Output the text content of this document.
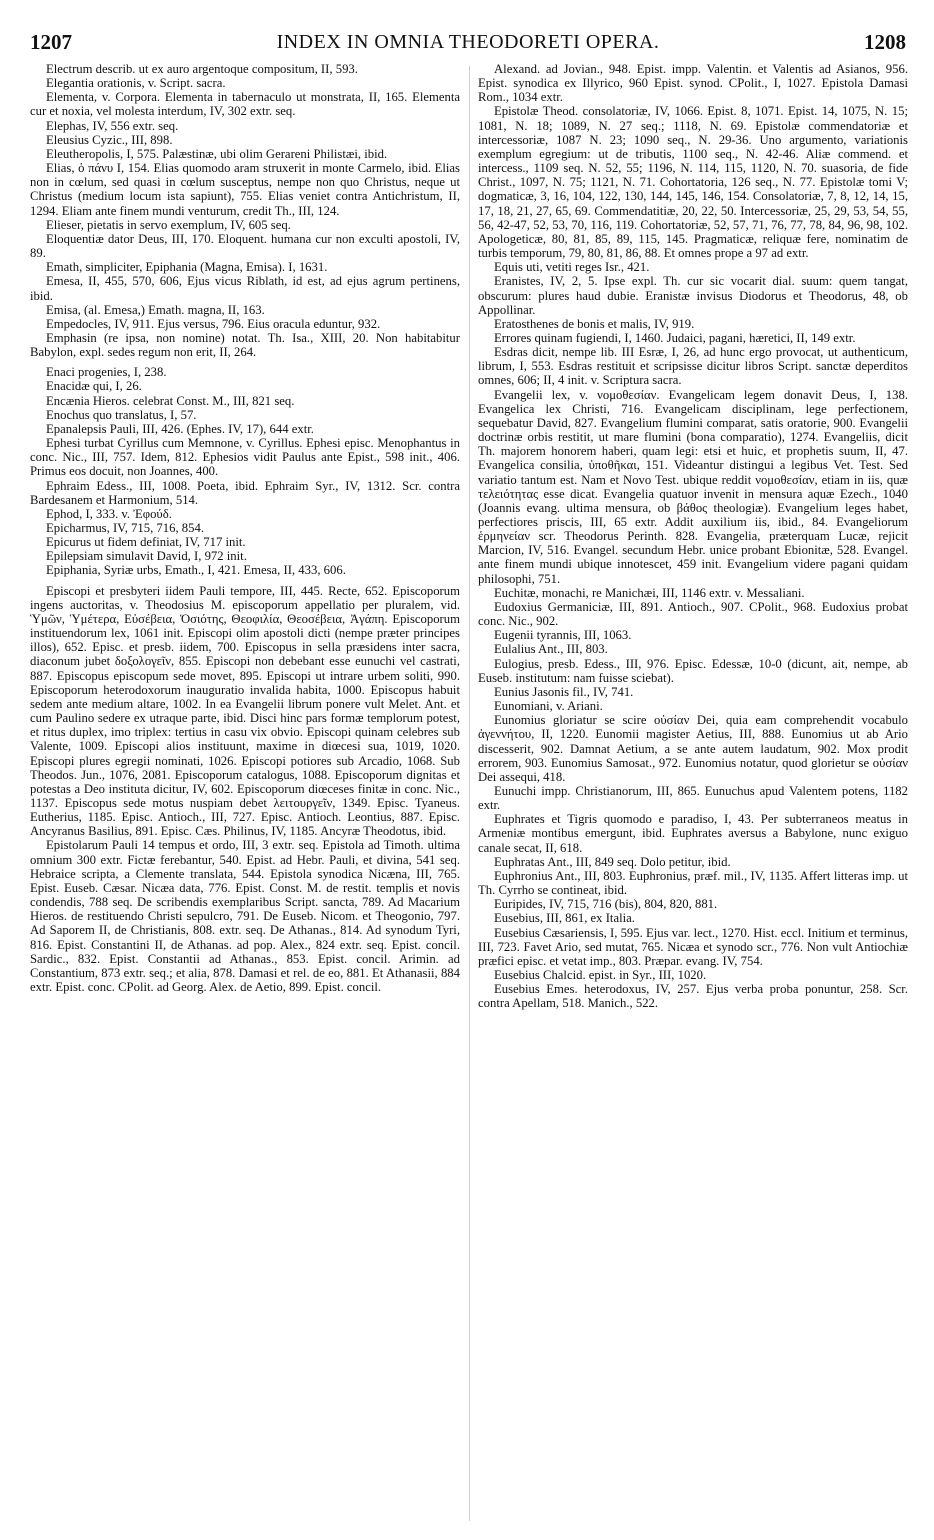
1207	INDEX IN OMNIA THEODORETI OPERA.	1208

Electrum describ. ut ex auro argentoque compositum, II, 593.

Elegantia orationis, v. Script. sacra.

Elementa, v. Corpora. Elementa in tabernaculo ut monstrata, II, 165. Elementa cur et noxia, vel molesta interdum, IV, 302 extr. seq.

Elephas, IV, 556 extr. seq.

Eleusius Cyzic., III, 898.

Eleutheropolis, I, 575. Palæstinæ, ubi olim Gerareni Philistæi, ibid.

Elias, ὁ πάνυ I, 154. Elias quomodo aram struxerit in monte Carmelo, ibid. Elias non in cœlum, sed quasi in cœlum susceptus, nempe non quo Christus, neque ut Christus (medium locum ista sapiunt), 755. Elias veniet contra Antichristum, II, 1294. Eliam ante finem mundi venturum, credit Th., III, 124.

Elieser, pietatis in servo exemplum, IV, 605 seq.

Eloquentiæ dator Deus, III, 170. Eloquent. humana cur non exculti apostoli, IV, 89.

Emath, simpliciter, Epiphania (Magna, Emisa). I, 1631.

Emesa, II, 455, 570, 606, Ejus vicus Riblath, id est, ad ejus agrum pertinens, ibid.

Emisa, (al. Emesa,) Emath. magna, II, 163.

Empedocles, IV, 911. Ejus versus, 796. Eius oracula eduntur, 932.

Emphasin (re ipsa, non nomine) notat. Th. Isa., XIII, 20. Non habitabitur Babylon, expl. sedes regum non erit, II, 264.

Enaci progenies, I, 238.

Enacidæ qui, I, 26.

Encænia Hieros. celebrat Const. M., III, 821 seq.

Enochus quo translatus, I, 57.

Epanalepsis Pauli, III, 426. (Ephes. IV, 17), 644 extr.

Ephesi turbat Cyrillus cum Memnone, v. Cyrillus. Ephesi episc. Menophantus in conc. Nic., III, 757. Idem, 812. Ephesios vidit Paulus ante Epist., 598 init., 406. Primus eos docuit, non Joannes, 400.

Ephraim Edess., III, 1008. Poeta, ibid. Ephraim Syr., IV, 1312. Scr. contra Bardesanem et Harmonium, 514.

Ephod, I, 333. v. Ἐφούδ.

Epicharmus, IV, 715, 716, 854.

Epicurus ut fidem definiat, IV, 717 init.

Epilepsiam simulavit David, I, 972 init.

Epiphania, Syriæ urbs, Emath., I, 421. Emesa, II, 433, 606.

Episcopi et presbyteri iidem Pauli tempore, III, 445. Recte, 652. Episcoporum ingens auctoritas, v. Theodosius M. episcoporum appellatio per pluralem, vid. Ὑμῶν, Ὑμέτερα, Εὐσέβεια, Ὁσιότης, Θεοφιλία, Θεοσέβεια, Ἀγάπη. Episcoporum instituendorum lex, 1061 init. Episcopi olim apostoli dicti (nempe præter principes illos), 652. Episc. et presb. iidem, 700. Episcopus in sella præsidens inter sacra, diaconum jubet δοξολογεῖν, 855. Episcopi non debebant esse eunuchi vel castrati, 887. Episcopus episcopum sede movet, 895. Episcopi ut intrare urbem soliti, 990. Episcoporum heterodoxorum inauguratio invalida habita, 1000. Episcopus habuit sedem ante medium altare, 1002. In ea Evangelii librum ponere vult Melet. Ant. et cum Paulino sedere ex utraque parte, ibid. Disci hinc pars formæ templorum potest, et ritus duplex, imo triplex: tertius in casu vix obvio. Episcopi quinam celebres sub Valente, 1009. Episcopi alios instituunt, maxime in diœcesi sua, 1019, 1020. Episcopi plures egregii nominati, 1026. Episcopi potiores sub Arcadio, 1068. Sub Theodos. Jun., 1076, 2081. Episcoporum catalogus, 1088. Episcoporum dignitas et potestas a Deo instituta dicitur, IV, 602. Episcoporum diœceses finitæ in conc. Nic., 1137. Episcopus sede motus nuspiam debet λειτουργεῖν, 1349. Episc. Tyaneus. Eutherius, 1185. Episc. Antioch., III, 727. Episc. Antioch. Leontius, 887. Episc. Ancyranus Basilius, 891. Episc. Cæs. Philinus, IV, 1185. Ancyræ Theodotus, ibid.

Epistolarum Pauli 14 tempus et ordo, III, 3 extr. seq. Epistola ad Timoth. ultima omnium 300 extr. Fictæ ferebantur, 540. Epist. ad Hebr. Pauli, et divina, 541 seq. Hebraice scripta, a Clemente translata, 544. Epistola synodica Nicæna, III, 765. Epist. Euseb. Cæsar. Nicæa data, 776. Epist. Const. M. de restit. templis et novis condendis, 788 seq. De scribendis exemplaribus Script. sancta, 789. Ad Macarium Hieros. de restituendo Christi sepulcro, 791. De Euseb. Nicom. et Theogonio, 797. Ad Saporem II, de Christianis, 808. extr. seq. De Athanas., 814. Ad synodum Tyri, 816. Epist. Constantini II, de Athanas. ad pop. Alex., 824 extr. seq. Epist. concil. Sardic., 832. Epist. Constantii ad Athanas., 853. Epist. concil. Arimin. ad Constantium, 873 extr. seq.; et alia, 878. Damasi et rel. de eo, 881. Et Athanasii, 884 extr. Epist. conc. CPolit. ad Georg. Alex. de Aetio, 899. Epist. concil.

Alexand. ad Jovian., 948. Epist. impp. Valentin. et Valentis ad Asianos, 956. Epist. synodica ex Illyrico, 960 Epist. synod. CPolit., I, 1027. Epistola Damasi Rom., 1034 extr.

Epistolæ Theod. consolatoriæ, IV, 1066. Epist. 8, 1071. Epist. 14, 1075, N. 15; 1081, N. 18; 1089, N. 27 seq.; 1118, N. 69. Epistolæ commendatoriæ et intercessoriæ, 1087 N. 23; 1090 seq., N. 29-36. Uno argumento, variationis exemplum egregium: ut de tributis, 1100 seq., N. 42-46. Aliæ commend. et intercess., 1109 seq. N. 52, 55; 1196, N. 114, 115, 1120, N. 70. suasoria, de fide Christ., 1097, N. 75; 1121, N. 71. Cohortatoria, 126 seq., N. 77. Epistolæ tomi V; dogmaticæ, 3, 16, 104, 122, 130, 144, 145, 146, 154. Consolatoriæ, 7, 8, 12, 14, 15, 17, 18, 21, 27, 65, 69. Commendatitiæ, 20, 22, 50. Intercessoriæ, 25, 29, 53, 54, 55, 56, 42-47, 52, 53, 70, 116, 119. Cohortatoriæ, 52, 57, 71, 76, 77, 78, 84, 96, 98, 102. Apologeticæ, 80, 81, 85, 89, 115, 145. Pragmaticæ, reliquæ fere, nominatim de turbis temporum, 79, 80, 81, 86, 88. Et omnes prope a 97 ad extr.

Equis uti, vetiti reges Isr., 421.

Eranistes, IV, 2, 5. Ipse expl. Th. cur sic vocarit dial. suum: quem tangat, obscurum: plures haud dubie. Eranistæ invisus Diodorus et Theodorus, 48, ob Appollinar.

Eratosthenes de bonis et malis, IV, 919.

Errores quinam fugiendi, I, 1460. Judaici, pagani, hæretici, II, 149 extr.

Esdras dicit, nempe lib. III Esræ, I, 26, ad hunc ergo provocat, ut authenticum, librum, I, 553. Esdras restituit et scripsisse dicitur libros Script. sanctæ deperditos omnes, 606; II, 4 init. v. Scriptura sacra.

Evangelii lex, v. νομοθεσίαν. Evangelicam legem donavit Deus, I, 138. Evangelica lex Christi, 716. Evangelicam disciplinam, lege perfectionem, sequebatur David, 827. Evangelium flumini comparat, satis oratorie, 900. Evangelii doctrinæ orbis restitit, ut mare flumini (bona comparatio), 1274. Evangeliis, dicit Th. majorem honorem haberi, quam legi: etsi et huic, et prophetis suum, II, 47. Evangelica consilia, ὑποθῆκαι, 151. Videantur distingui a legibus Vet. Test. Sed variatio tantum est. Nam et Novo Test. ubique reddit νομοθεσίαν, etiam in iis, quæ τελειότητας esse dicat. Evangelia quatuor invenit in mensura aquæ Ezech., 1040 (Joannis evang. ultima mensura, ob βάθος theologiæ). Evangelium leges habet, perfectiores priscis, III, 65 extr. Addit auxilium iis, ibid., 84. Evangeliorum ἑρμηνείαν scr. Theodorus Perinth. 828. Evangelia, præterquam Lucæ, rejicit Marcion, IV, 516. Evangel. secundum Hebr. unice probant Ebionitæ, 528. Evangel. ante finem mundi ubique innotescet, 459 init. Evangelium videre pagani quidam philosophi, 751.

Euchitæ, monachi, re Manichæi, III, 1146 extr. v. Messaliani.

Eudoxius Germaniciæ, III, 891. Antioch., 907. CPolit., 968. Eudoxius probat conc. Nic., 902.

Eugenii tyrannis, III, 1063.

Eulalius Ant., III, 803.

Eulogius, presb. Edess., III, 976. Episc. Edessæ, 10-0 (dicunt, ait, nempe, ab Euseb. institutum: nam fuisse sciebat).

Eunius Jasonis fil., IV, 741.

Eunomiani, v. Ariani.

Eunomius gloriatur se scire οὐσίαν Dei, quia eam comprehendit vocabulo ἀγεννήτου, II, 1220. Eunomii magister Aetius, III, 888. Eunomius ut ab Ario discesserit, 902. Damnat Aetium, a se ante autem laudatum, 902. Mox prodit errorem, 903. Eunomius Samosat., 972. Eunomius notatur, quod glorietur se οὐσίαν Dei assequi, 418.

Eunuchi impp. Christianorum, III, 865. Eunuchus apud Valentem potens, 1182 extr.

Euphrates et Tigris quomodo e paradiso, I, 43. Per subterraneos meatus in Armeniæ montibus emergunt, ibid. Euphrates aversus a Babylone, nunc exiguo canale secat, II, 618.

Euphratas Ant., III, 849 seq. Dolo petitur, ibid.

Euphronius Ant., III, 803. Euphronius, præf. mil., IV, 1135. Affert litteras imp. ut Th. Cyrrho se contineat, ibid.

Euripides, IV, 715, 716 (bis), 804, 820, 881.

Eusebius, III, 861, ex Italia.

Eusebius Cæsariensis, I, 595. Ejus var. lect., 1270. Hist. eccl. Initium et terminus, III, 723. Favet Ario, sed mutat, 765. Nicæa et synodo scr., 776. Non vult Antiochiæ præfici episc. et vetat imp., 803. Præpar. evang. IV, 754.

Eusebius Chalcid. epist. in Syr., III, 1020.

Eusebius Emes. heterodoxus, IV, 257. Ejus verba proba ponuntur, 258. Scr. contra Apellam, 518. Manich., 522.
